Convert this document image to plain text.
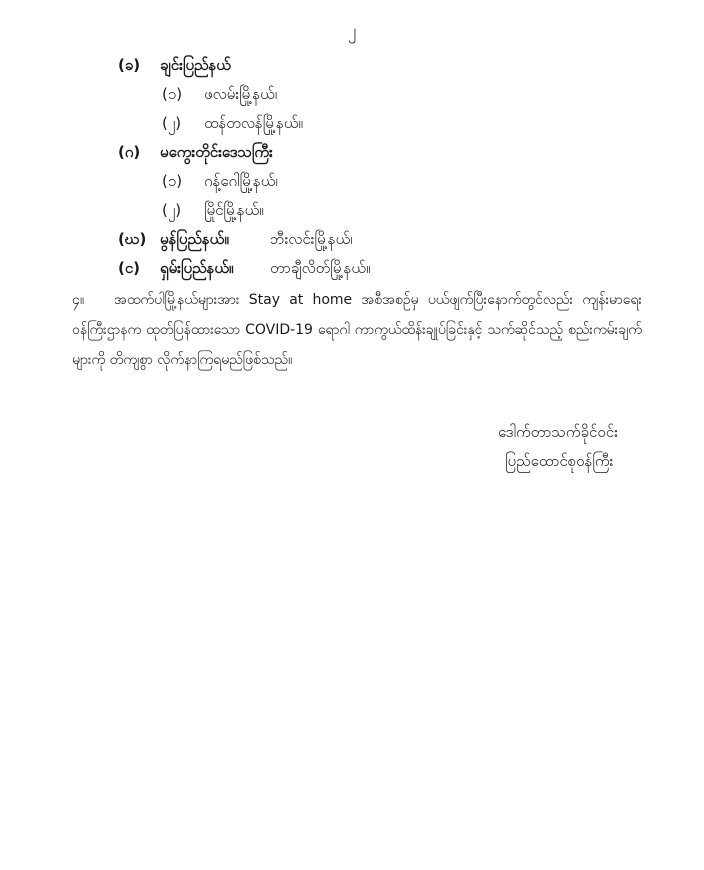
၂
(ခ) ချင်းပြည်နယ်
(၁) ဖလမ်းမြို့နယ်၊
(၂) ထန်တလန်မြို့နယ်။
(ဂ) မကွေးတိုင်းဒေသကြီး
(၁) ဂန့်ဂေါမြို့နယ်၊
(၂) မြိုင်မြို့နယ်။
(ဃ) မွန်ပြည်နယ်။	ဘီးလင်းမြို့နယ်၊
(င) ရှမ်းပြည်နယ်။ တာချီလိတ်မြို့နယ်။
၄။ အထက်ပါမြို့နယ်များအား Stay at home အစီအစဉ်မှ ပယ်ဖျက်ပြီးနောက်တွင်လည်း ကျန်းမာရေးဝန်ကြီးဌာနက ထုတ်ပြန်ထားသော COVID-19 ရောဂါ ကာကွယ်ထိန်းချုပ်ခြင်းနှင့် သက်ဆိုင်သည့် စည်းကမ်းချက်များကို တိကျစွာ လိုက်နာကြရမည်ဖြစ်သည်။
ဒေါက်တာသက်ခိုင်ဝင်း
ပြည်ထောင်စုဝန်ကြီး
